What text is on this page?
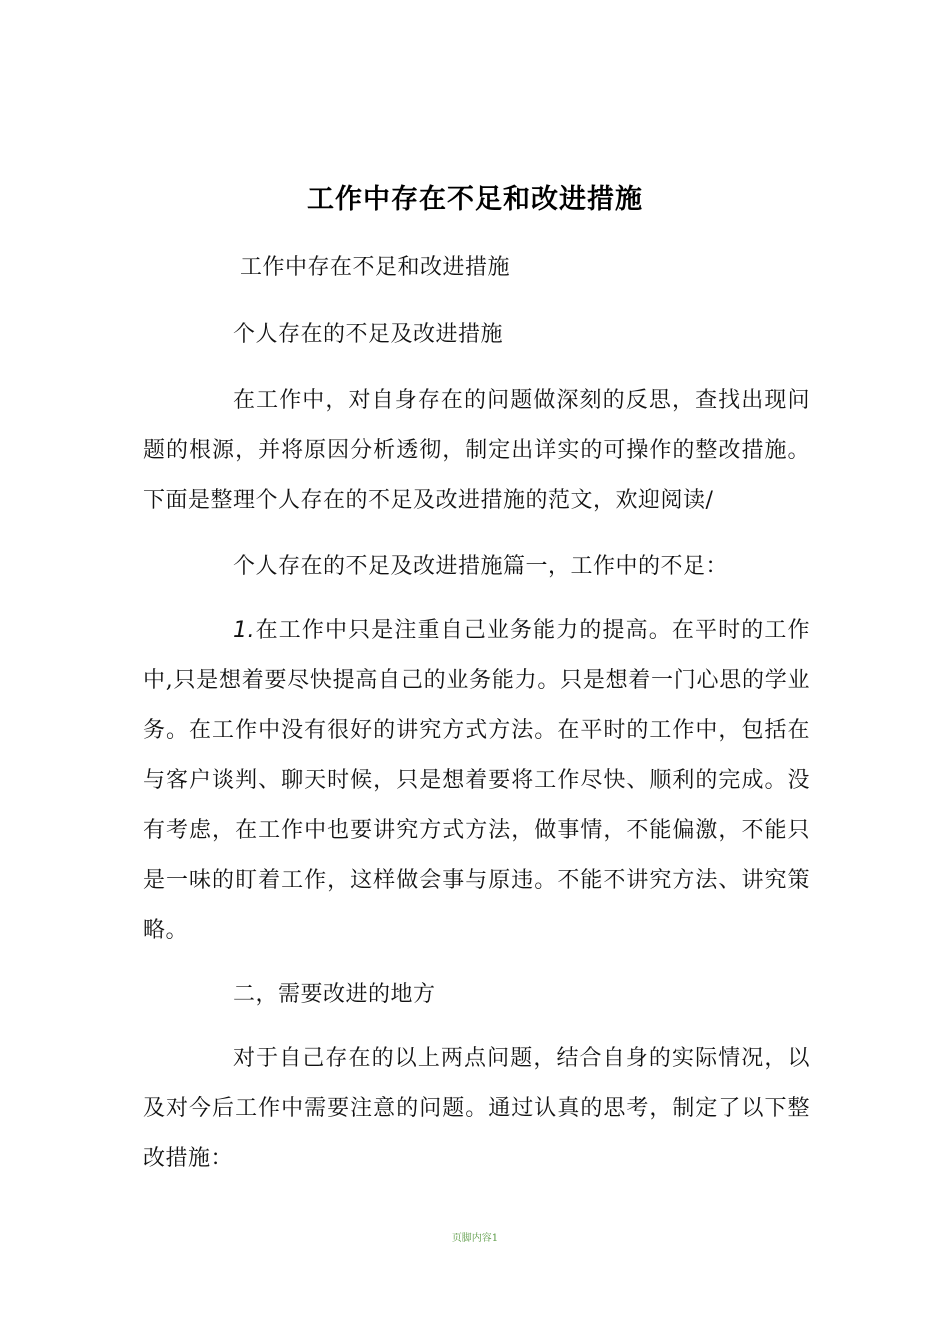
工作中存在不足和改进措施
工作中存在不足和改进措施
个人存在的不足及改进措施
在工作中，对自身存在的问题做深刻的反思，查找出现问题的根源，并将原因分析透彻，制定出详实的可操作的整改措施。下面是整理个人存在的不足及改进措施的范文，欢迎阅读/
个人存在的不足及改进措施篇一，工作中的不足：
1.在工作中只是注重自己业务能力的提高。在平时的工作中,只是想着要尽快提高自己的业务能力。只是想着一门心思的学业务。在工作中没有很好的讲究方式方法。在平时的工作中，包括在与客户谈判、聊天时候，只是想着要将工作尽快、顺利的完成。没有考虑，在工作中也要讲究方式方法，做事情，不能偏激，不能只是一味的盯着工作，这样做会事与原违。不能不讲究方法、讲究策略。
二，需要改进的地方
对于自己存在的以上两点问题，结合自身的实际情况，以及对今后工作中需要注意的问题。通过认真的思考，制定了以下整改措施：
页脚内容1
